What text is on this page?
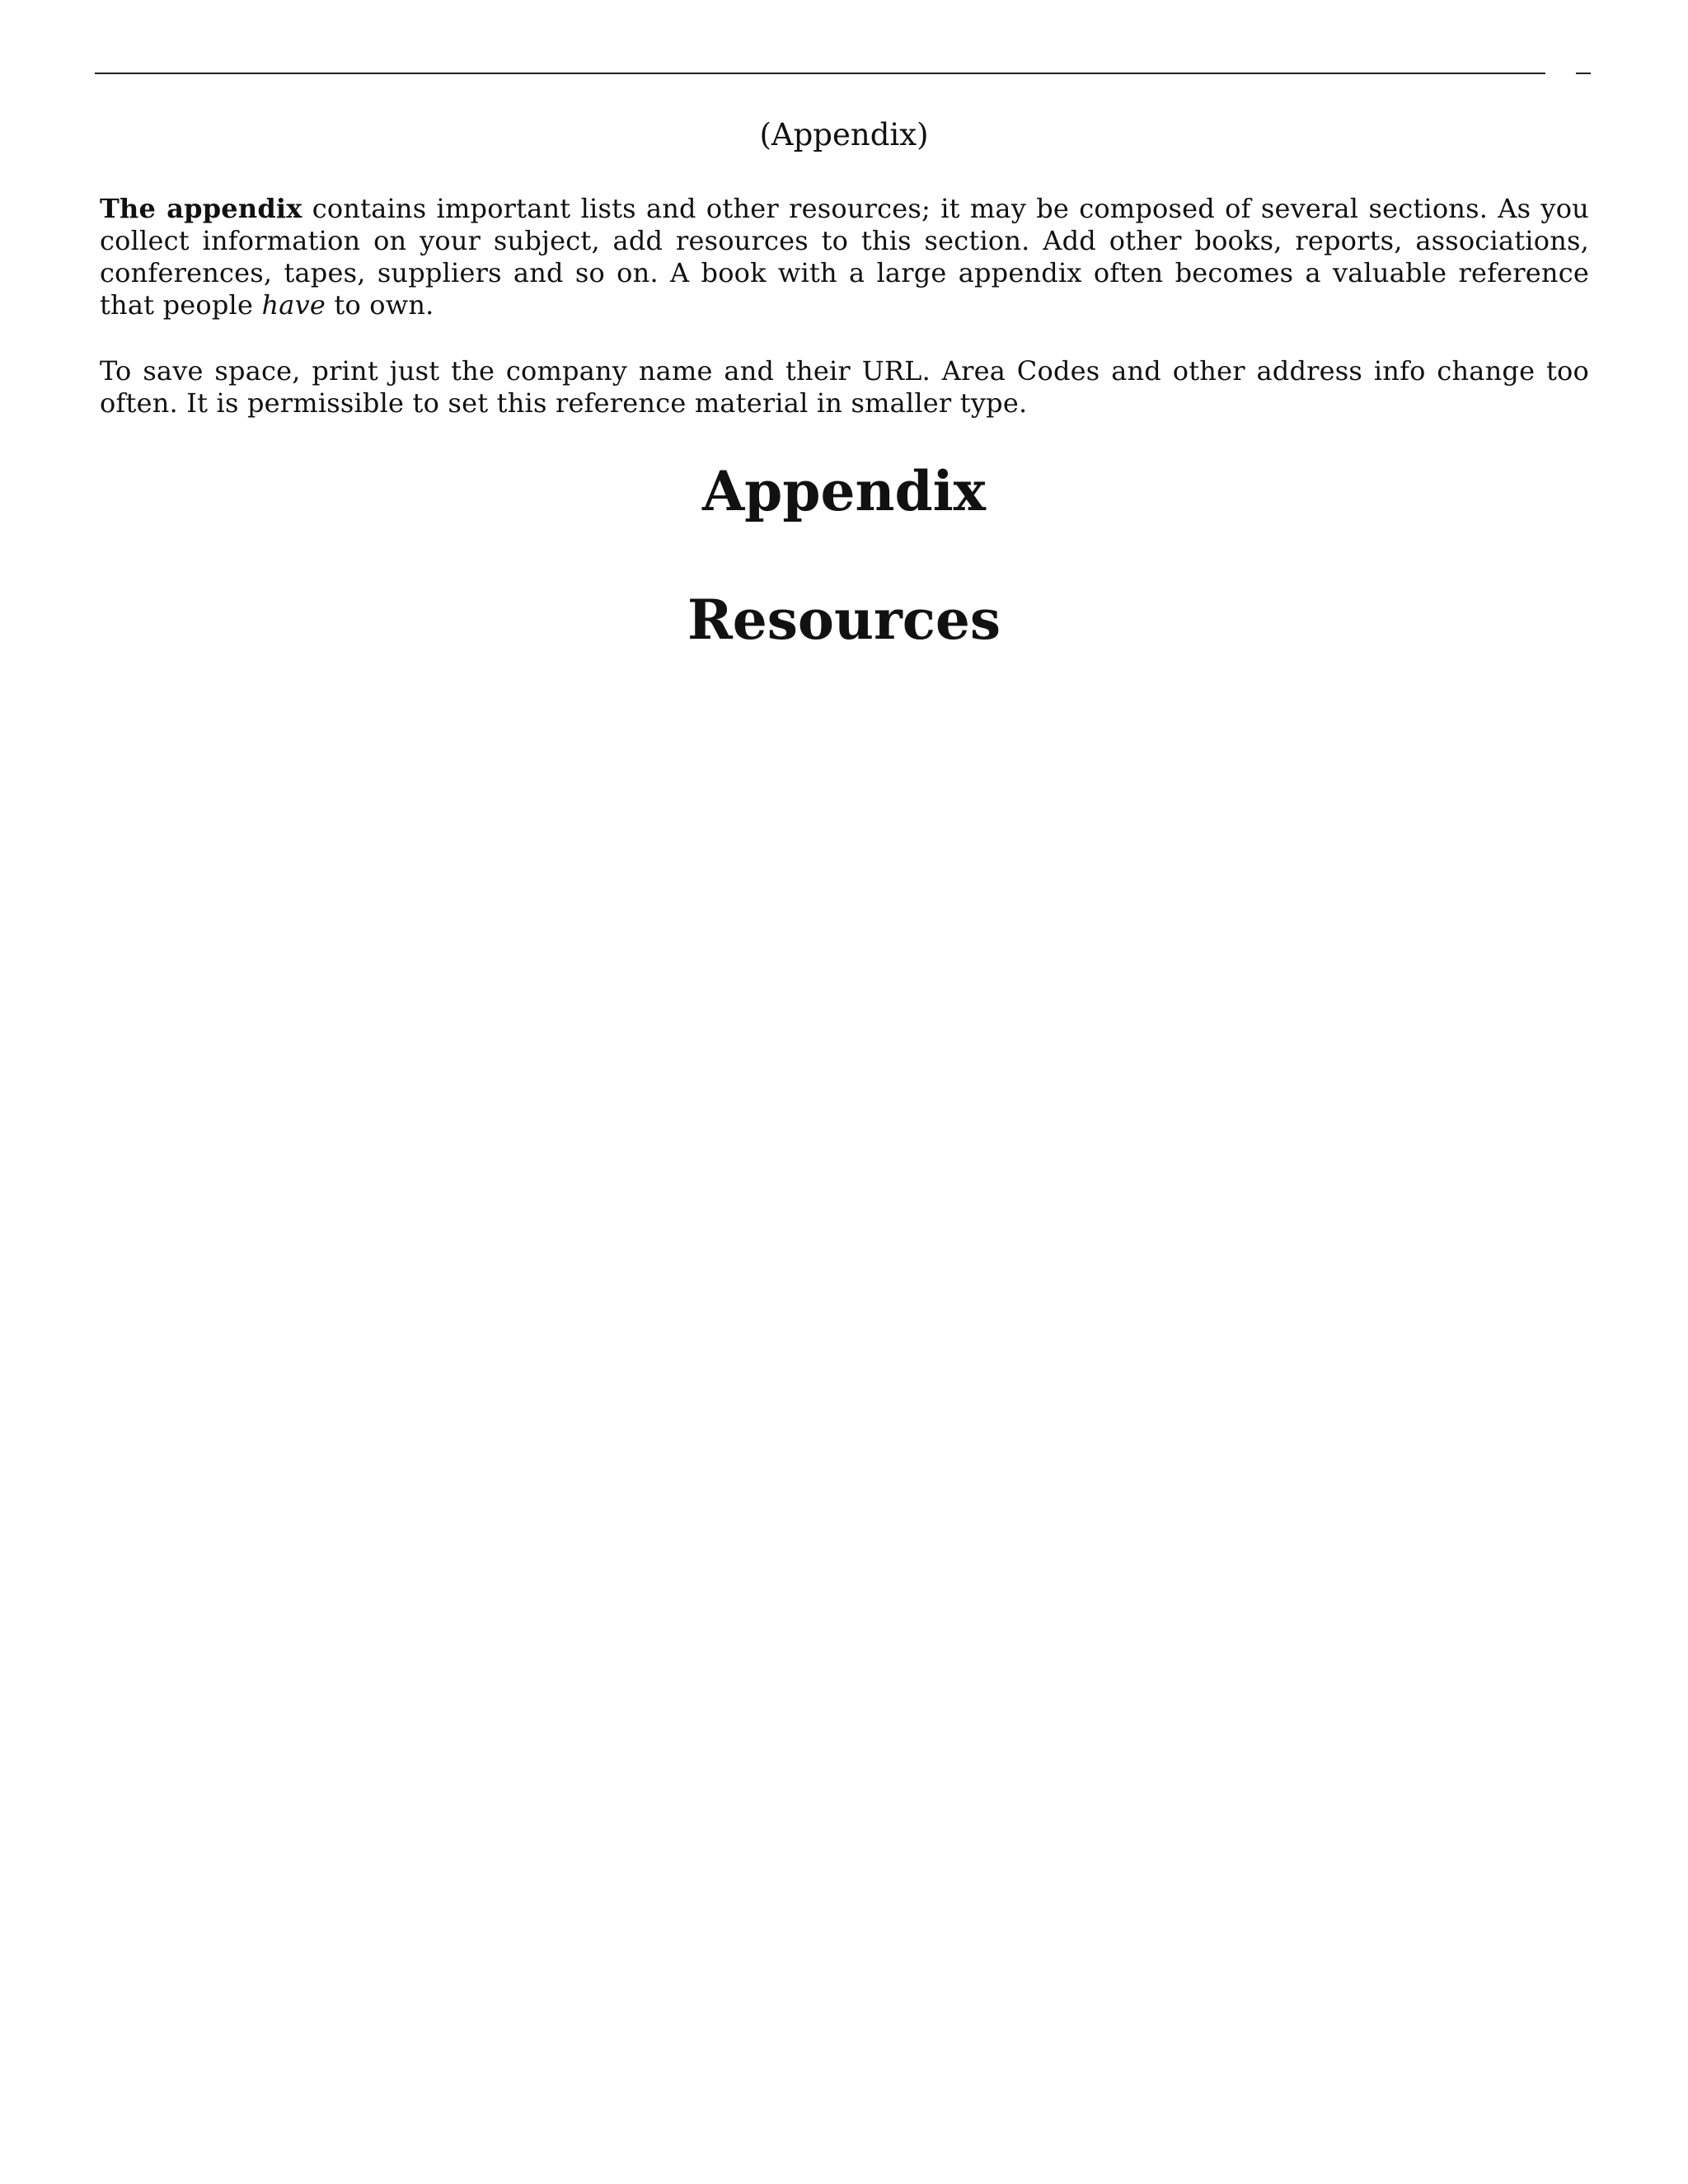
(Appendix)

The appendix contains important lists and other resources; it may be composed of several sections. As you collect information on your subject, add resources to this section. Add other books, reports, associations, conferences, tapes, suppliers and so on. A book with a large appendix often becomes a valuable reference that people have to own.

To save space, print just the company name and their URL. Area Codes and other address info change too often. It is permissible to set this reference material in smaller type.

Appendix
Resources
